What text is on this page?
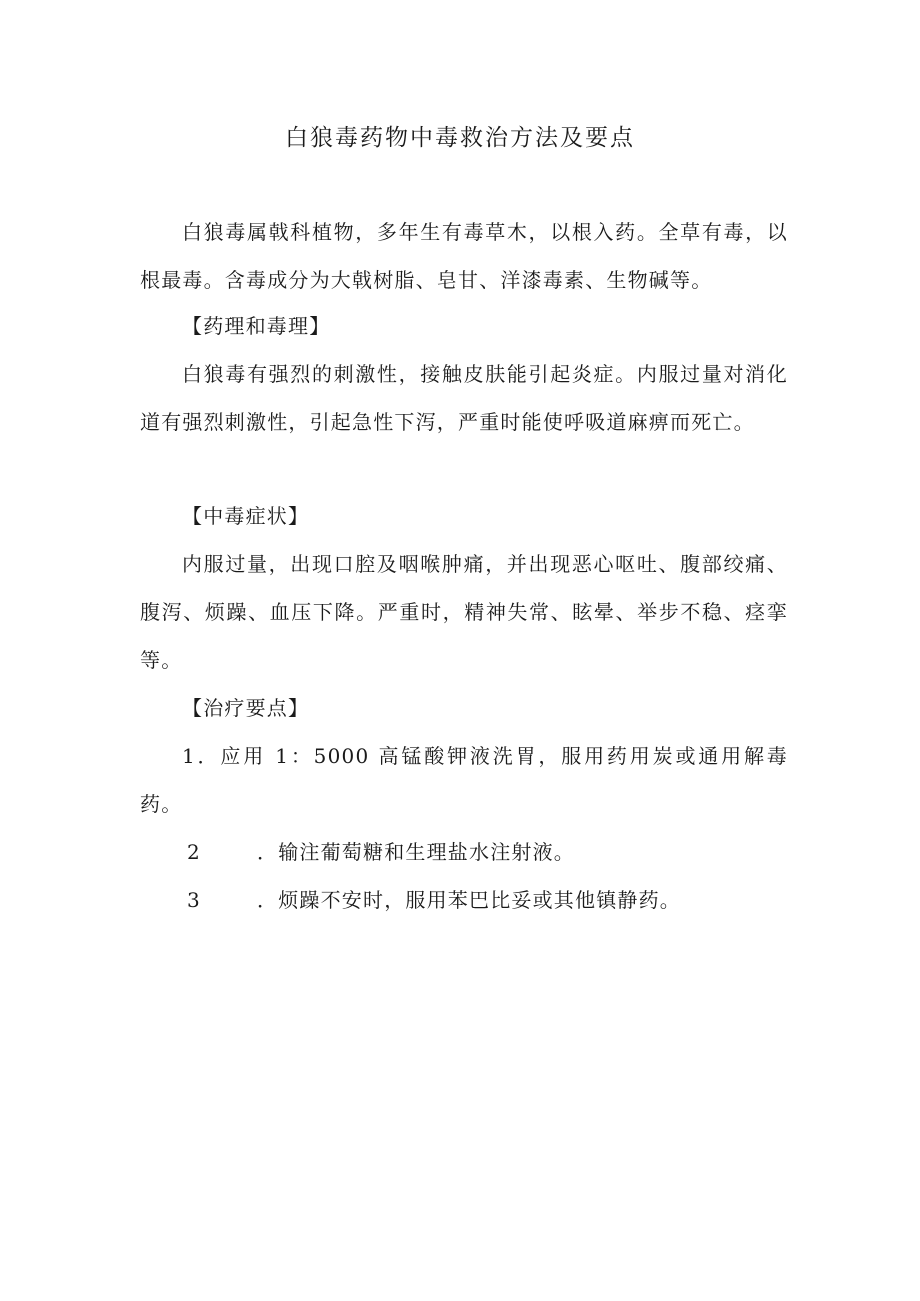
白狼毒药物中毒救治方法及要点

白狼毒属戟科植物，多年生有毒草木，以根入药。全草有毒，以根最毒。含毒成分为大戟树脂、皂甘、洋漆毒素、生物碱等。

【药理和毒理】

白狼毒有强烈的刺激性，接触皮肤能引起炎症。内服过量对消化道有强烈刺激性，引起急性下泻，严重时能使呼吸道麻痹而死亡。

【中毒症状】

内服过量，出现口腔及咽喉肿痛，并出现恶心呕吐、腹部绞痛、腹泻、烦躁、血压下降。严重时，精神失常、眩晕、举步不稳、痉挛等。

【治疗要点】

1．应用 1：5000 高锰酸钾液洗胃，服用药用炭或通用解毒药。

2	．输注葡萄糖和生理盐水注射液。

3	．烦躁不安时，服用苯巴比妥或其他镇静药。
